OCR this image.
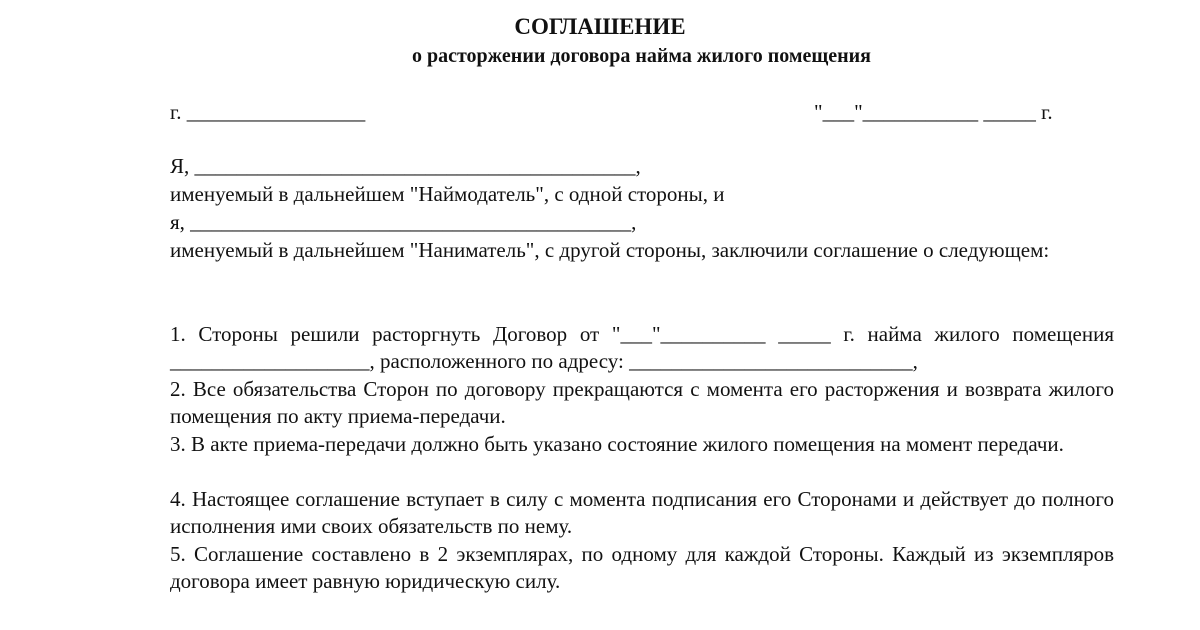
СОГЛАШЕНИЕ
о расторжении договора найма жилого помещения

г. _________________	"___"___________ _____ г.

Я, __________________________________________,

именуемый в дальнейшем "Наймодатель", с одной стороны, и

я, __________________________________________,

именуемый в дальнейшем "Наниматель", с другой стороны, заключили соглашение о следующем:

1. Стороны решили расторгнуть Договор от "___"__________ _____ г. найма жилого помещения ___________________, расположенного по адресу: ___________________________,

2. Все обязательства Сторон по договору прекращаются с момента его расторжения и возврата жилого помещения по акту приема-передачи.

3. В акте приема-передачи должно быть указано состояние жилого помещения на момент передачи.

4. Настоящее соглашение вступает в силу с момента подписания его Сторонами и действует до полного исполнения ими своих обязательств по нему.

5. Соглашение составлено в 2 экземплярах, по одному для каждой Стороны. Каждый из экземпляров договора имеет равную юридическую силу.
